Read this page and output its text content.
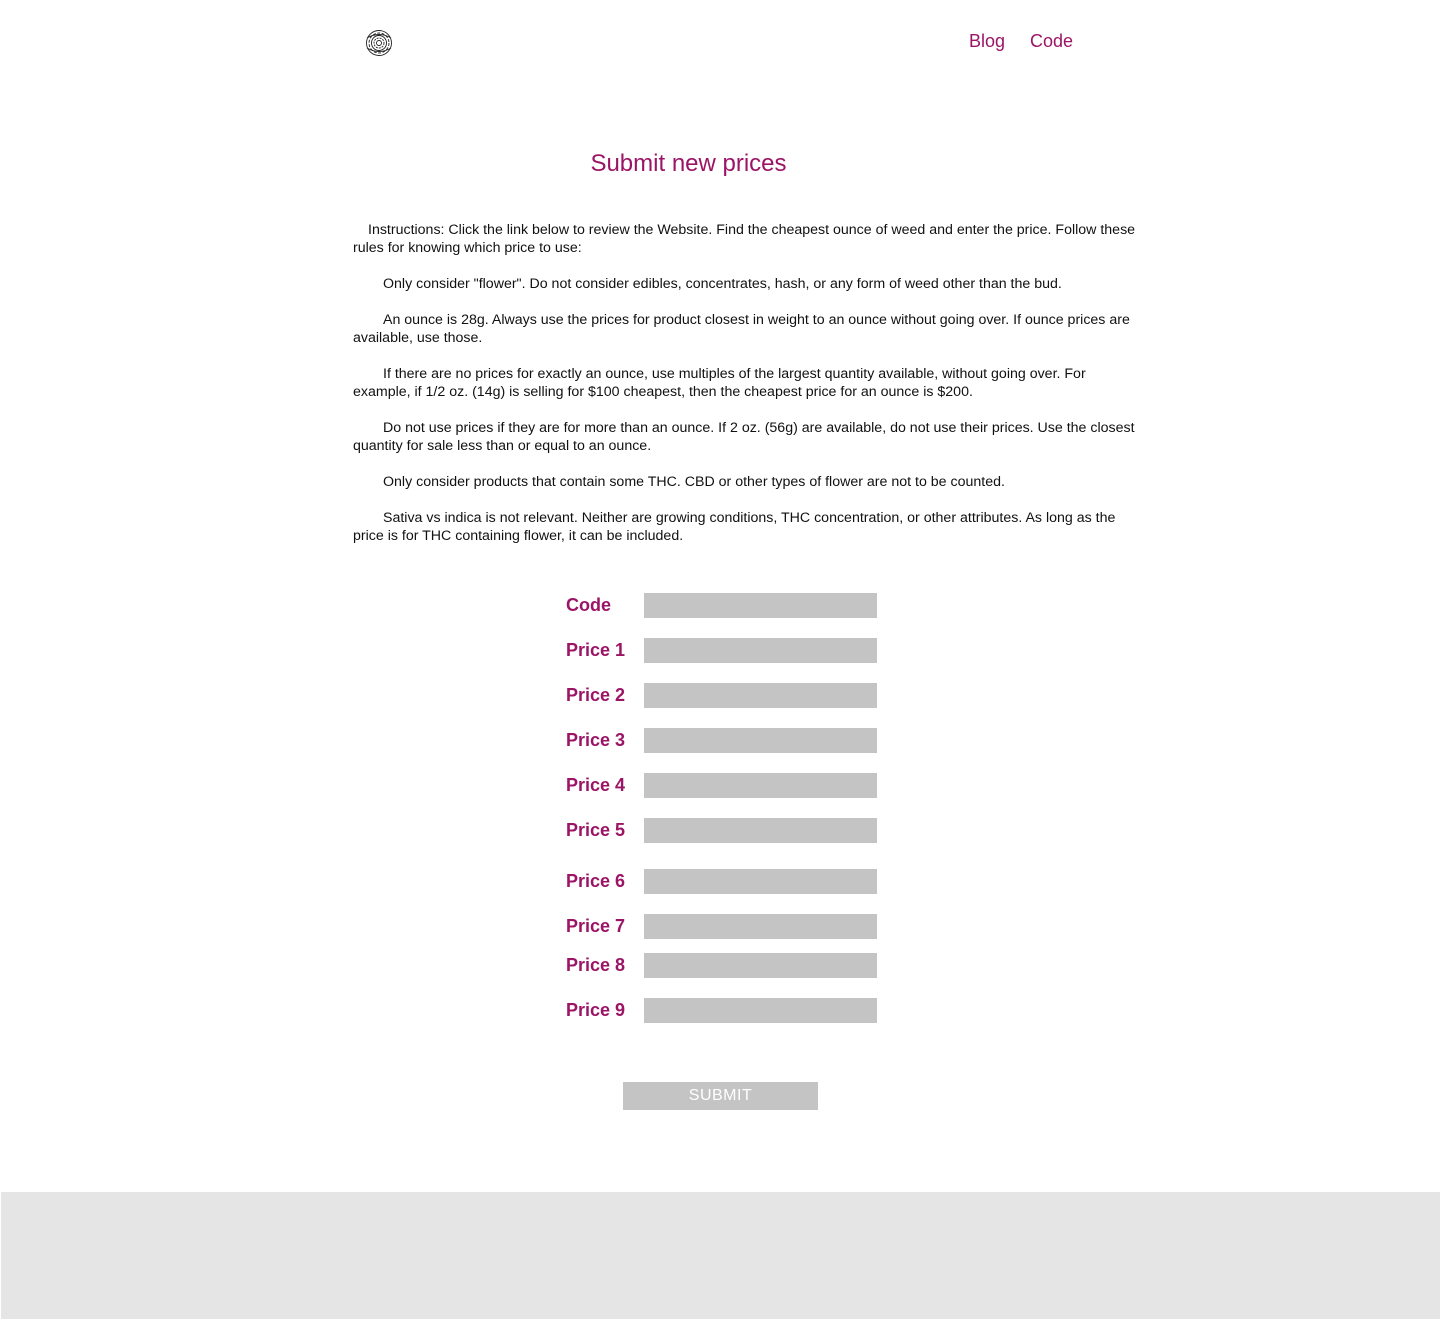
Blog Code
Submit new prices

Instructions: Click the link below to review the Website. Find the cheapest ounce of weed and enter the price. Follow these rules for knowing which price to use:

Only consider "flower". Do not consider edibles, concentrates, hash, or any form of weed other than the bud.

An ounce is 28g. Always use the prices for product closest in weight to an ounce without going over. If ounce prices are available, use those.

If there are no prices for exactly an ounce, use multiples of the largest quantity available, without going over. For example, if 1/2 oz. (14g) is selling for $100 cheapest, then the cheapest price for an ounce is $200.

Do not use prices if they are for more than an ounce. If 2 oz. (56g) are available, do not use their prices. Use the closest quantity for sale less than or equal to an ounce.

Only consider products that contain some THC. CBD or other types of flower are not to be counted.

Sativa vs indica is not relevant. Neither are growing conditions, THC concentration, or other attributes. As long as the price is for THC containing flower, it can be included.

Code
Price 1
Price 2
Price 3
Price 4
Price 5
Price 6
Price 7
Price 8
Price 9
SUBMIT
